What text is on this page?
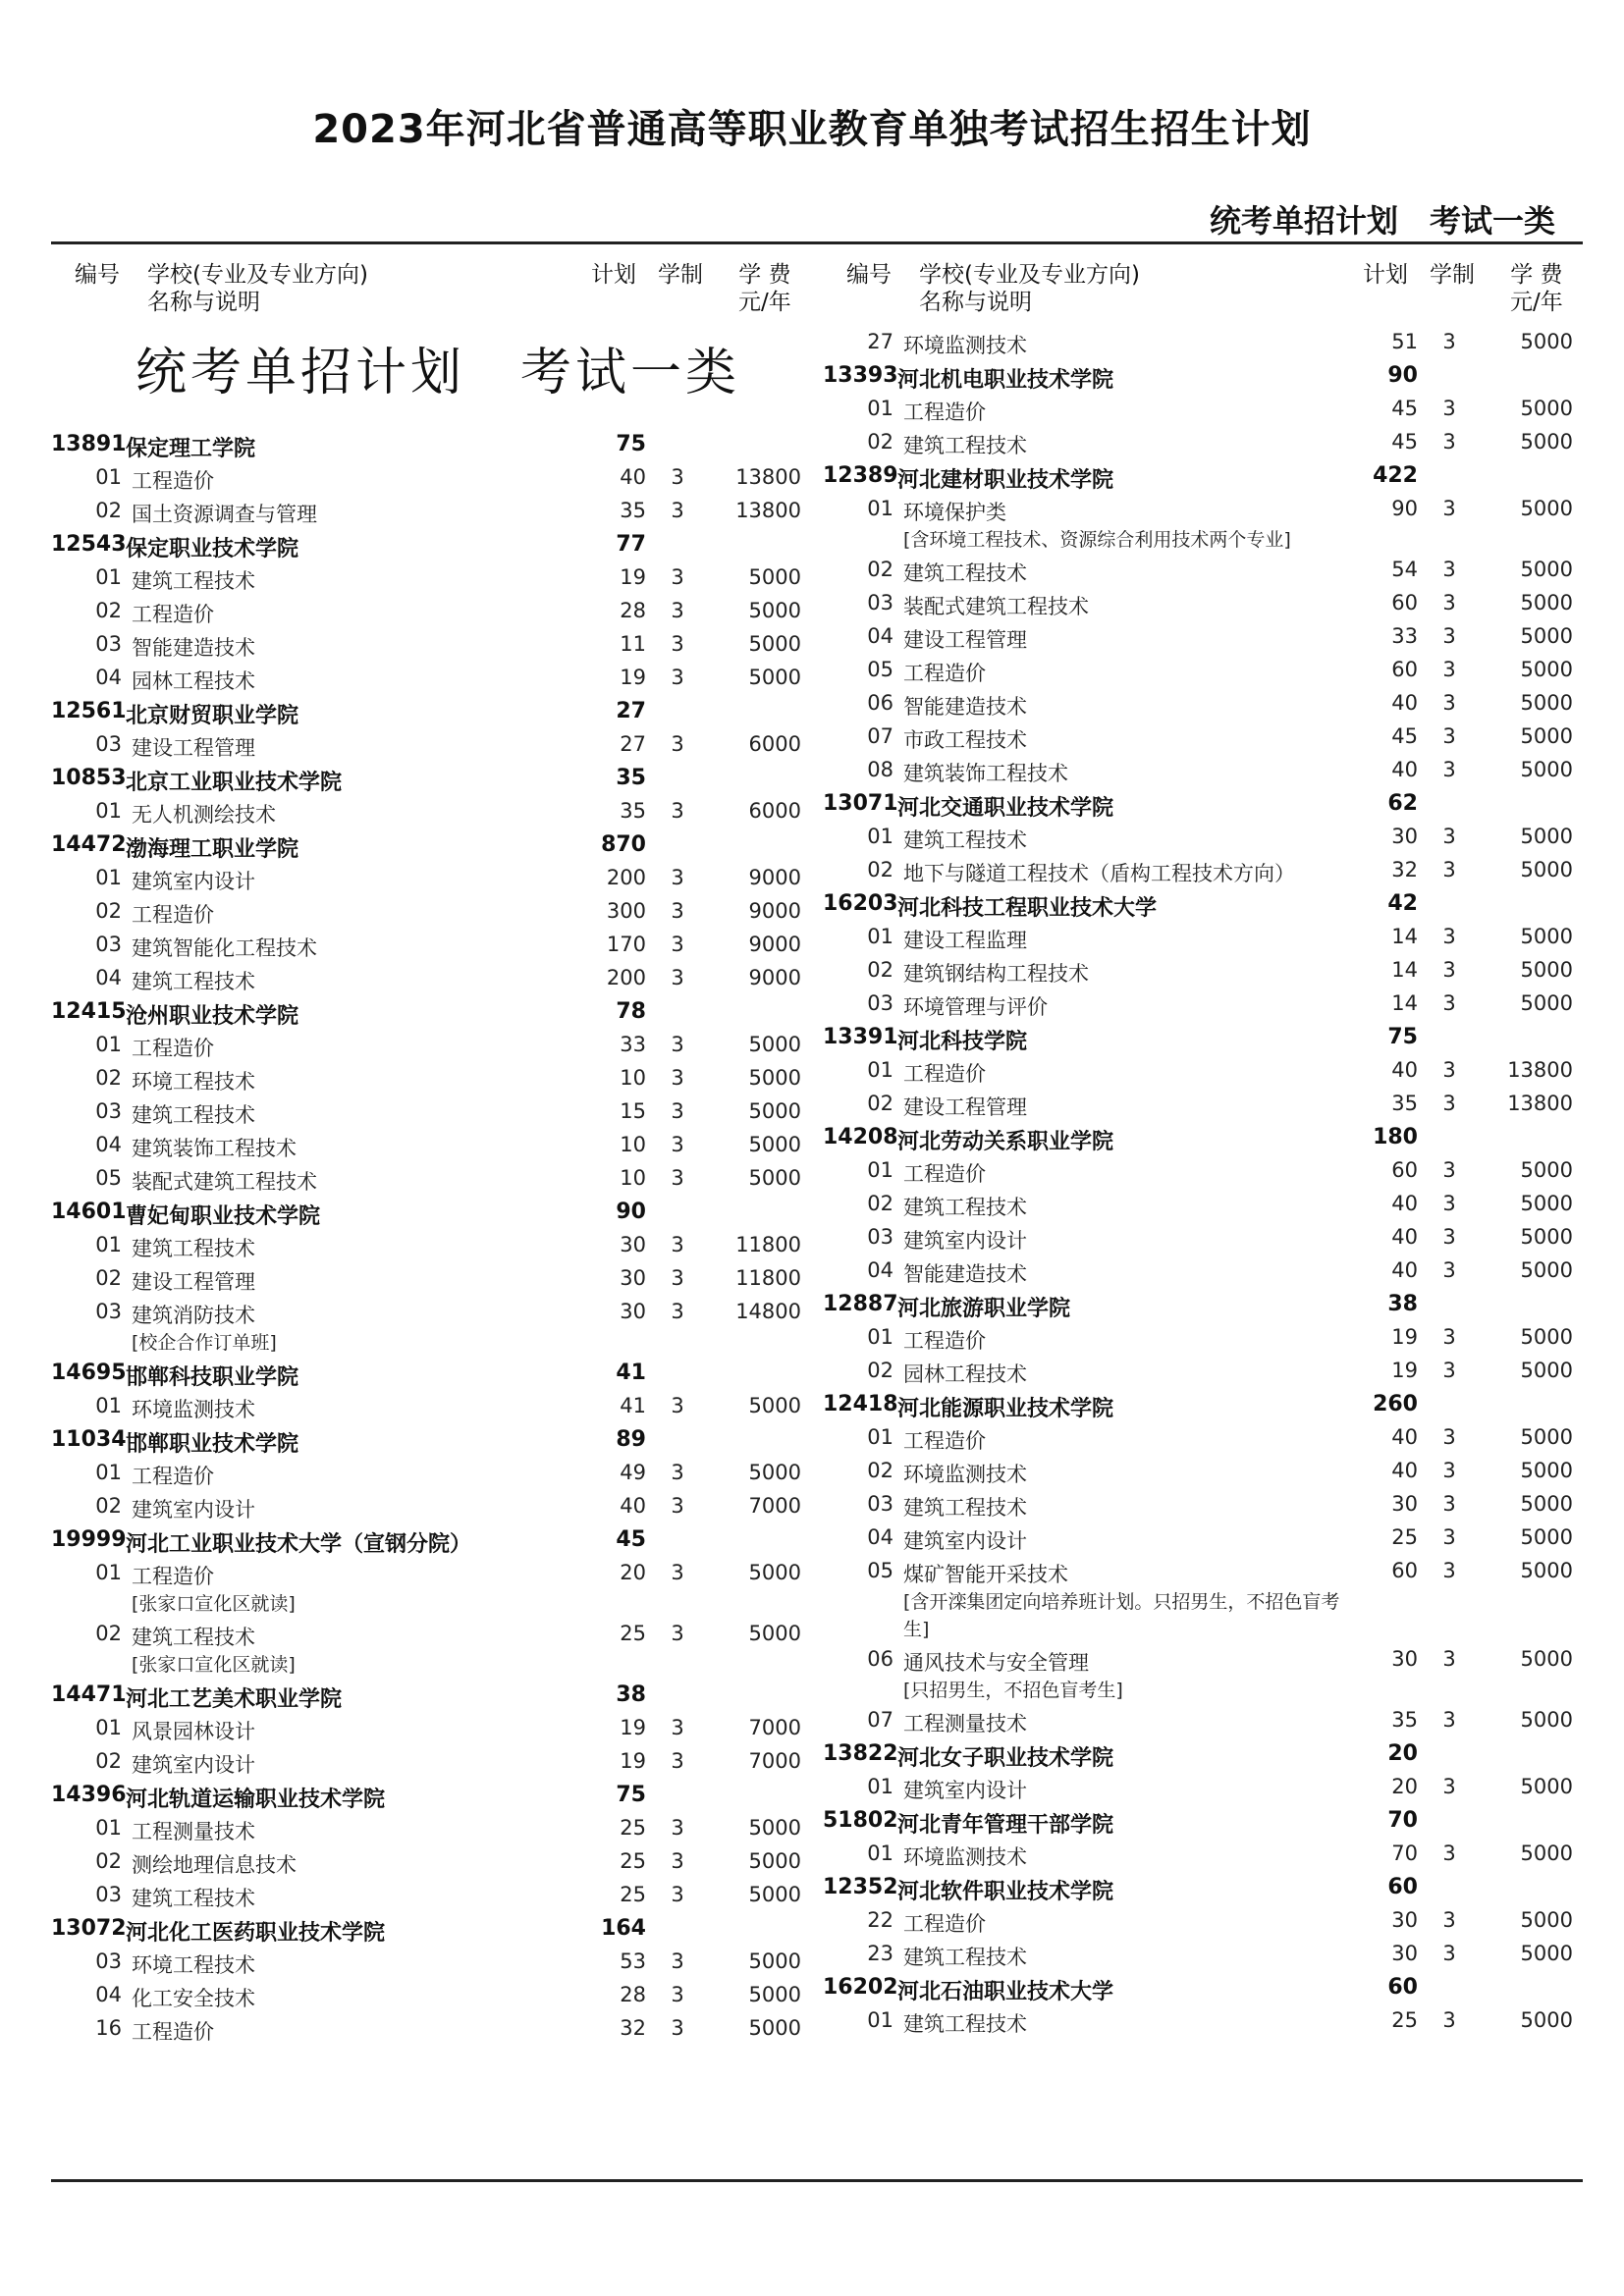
2023年河北省普通高等职业教育单独考试招生招生计划
统考单招计划　考试一类
编号 学校(专业及专业方向)
名称与说明
计划 学制 学 费
元/年
统考单招计划　考试一类
13891 保定理工学院	75
01 工程造价	40 3	13800
02 国土资源调查与管理	35 3	13800
12543 保定职业技术学院	77
01 建筑工程技术	19 3	5000
02 工程造价	28 3	5000
03 智能建造技术	11 3	5000
04 园林工程技术	19 3	5000
12561 北京财贸职业学院	27
03 建设工程管理	27 3	6000
10853 北京工业职业技术学院	35
01 无人机测绘技术	35 3	6000
14472 渤海理工职业学院	870
01 建筑室内设计	200 3	9000
02 工程造价	300 3	9000
03 建筑智能化工程技术	170 3	9000
04 建筑工程技术	200 3	9000
12415 沧州职业技术学院	78
01 工程造价	33 3	5000
02 环境工程技术	10 3	5000
03 建筑工程技术	15 3	5000
04 建筑装饰工程技术	10 3	5000
05 装配式建筑工程技术	10 3	5000
14601 曹妃甸职业技术学院	90
01 建筑工程技术	30 3	11800
02 建设工程管理	30 3	11800
03 建筑消防技术	30 3	14800
[校企合作订单班]
14695 邯郸科技职业学院	41
01 环境监测技术	41 3	5000
11034 邯郸职业技术学院	89
01 工程造价	49 3	5000
02 建筑室内设计	40 3	7000
19999 河北工业职业技术大学（宣钢分院）	45
01 工程造价	20 3	5000
[张家口宣化区就读]
02 建筑工程技术	25 3	5000
[张家口宣化区就读]
14471 河北工艺美术职业学院	38
01 风景园林设计	19 3	7000
02 建筑室内设计	19 3	7000
14396 河北轨道运输职业技术学院	75
01 工程测量技术	25 3	5000
02 测绘地理信息技术	25 3	5000
03 建筑工程技术	25 3	5000
13072 河北化工医药职业技术学院	164
03 环境工程技术	53 3	5000
04 化工安全技术	28 3	5000
16 工程造价	32 3	5000
编号 学校(专业及专业方向)
名称与说明
计划 学制 学 费
元/年
27 环境监测技术	51 3	5000
13393 河北机电职业技术学院	90
01 工程造价	45 3	5000
02 建筑工程技术	45 3	5000
12389 河北建材职业技术学院	422
01 环境保护类	90 3	5000
[含环境工程技术、资源综合利用技术两个专业]
02 建筑工程技术	54 3	5000
03 装配式建筑工程技术	60 3	5000
04 建设工程管理	33 3	5000
05 工程造价	60 3	5000
06 智能建造技术	40 3	5000
07 市政工程技术	45 3	5000
08 建筑装饰工程技术	40 3	5000
13071 河北交通职业技术学院	62
01 建筑工程技术	30 3	5000
02 地下与隧道工程技术（盾构工程技术方向）	32 3	5000
16203 河北科技工程职业技术大学	42
01 建设工程监理	14 3	5000
02 建筑钢结构工程技术	14 3	5000
03 环境管理与评价	14 3	5000
13391 河北科技学院	75
01 工程造价	40 3	13800
02 建设工程管理	35 3	13800
14208 河北劳动关系职业学院	180
01 工程造价	60 3	5000
02 建筑工程技术	40 3	5000
03 建筑室内设计	40 3	5000
04 智能建造技术	40 3	5000
12887 河北旅游职业学院	38
01 工程造价	19 3	5000
02 园林工程技术	19 3	5000
12418 河北能源职业技术学院	260
01 工程造价	40 3	5000
02 环境监测技术	40 3	5000
03 建筑工程技术	30 3	5000
04 建筑室内设计	25 3	5000
05 煤矿智能开采技术	60 3	5000
[含开滦集团定向培养班计划。只招男生，不招色盲考生]
06 通风技术与安全管理	30 3	5000
[只招男生，不招色盲考生]
07 工程测量技术	35 3	5000
13822 河北女子职业技术学院	20
01 建筑室内设计	20 3	5000
51802 河北青年管理干部学院	70
01 环境监测技术	70 3	5000
12352 河北软件职业技术学院	60
22 工程造价	30 3	5000
23 建筑工程技术	30 3	5000
16202 河北石油职业技术大学	60
01 建筑工程技术	25 3	5000
